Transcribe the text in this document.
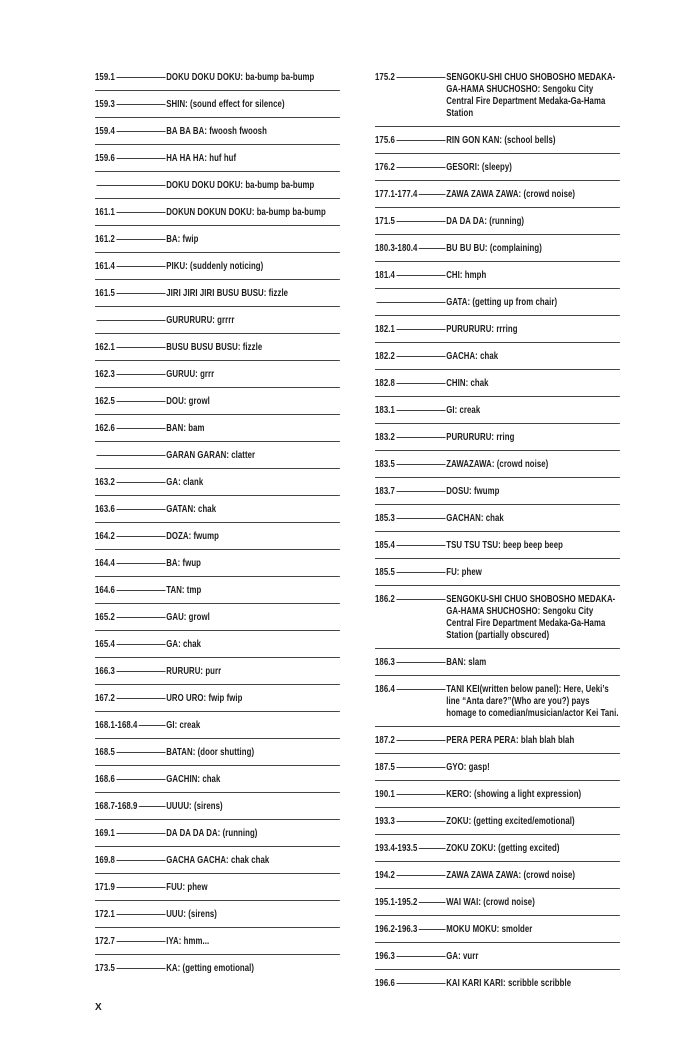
159.1	DOKU DOKU DOKU: ba-bump ba-bump
159.3	SHIN: (sound effect for silence)
159.4	BA BA BA: fwoosh fwoosh
159.6	HA HA HA: huf huf
DOKU DOKU DOKU: ba-bump ba-bump
161.1	DOKUN DOKUN DOKU: ba-bump ba-bump
161.2	BA: fwip
161.4	PIKU: (suddenly noticing)
161.5	JIRI JIRI JIRI BUSU BUSU: fizzle
GURURURU: grrrr
162.1	BUSU BUSU BUSU: fizzle
162.3	GURUU: grrr
162.5	DOU: growl
162.6	BAN: bam
GARAN GARAN: clatter
163.2	GA: clank
163.6	GATAN: chak
164.2	DOZA: fwump
164.4	BA: fwup
164.6	TAN: tmp
165.2	GAU: growl
165.4	GA: chak
166.3	RURURU: purr
167.2	URO URO: fwip fwip
168.1-168.4	GI: creak
168.5	BATAN: (door shutting)
168.6	GACHIN: chak
168.7-168.9	UUUU: (sirens)
169.1	DA DA DA DA: (running)
169.8	GACHA GACHA: chak chak
171.9	FUU: phew
172.1	UUU: (sirens)
172.7	IYA: hmm...
173.5	KA: (getting emotional)
175.2	SENGOKU-SHI CHUO SHOBOSHO MEDAKA-GA-HAMA SHUCHOSHO: Sengoku City Central Fire Department Medaka-Ga-Hama Station
175.6	RIN GON KAN: (school bells)
176.2	GESORI: (sleepy)
177.1-177.4	ZAWA ZAWA ZAWA: (crowd noise)
171.5	DA DA DA: (running)
180.3-180.4	BU BU BU: (complaining)
181.4	CHI: hmph
GATA: (getting up from chair)
182.1	PURURURU: rrring
182.2	GACHA: chak
182.8	CHIN: chak
183.1	GI: creak
183.2	PURURURU: rring
183.5	ZAWAZAWA: (crowd noise)
183.7	DOSU: fwump
185.3	GACHAN: chak
185.4	TSU TSU TSU: beep beep beep
185.5	FU: phew
186.2	SENGOKU-SHI CHUO SHOBOSHO MEDAKA-GA-HAMA SHUCHOSHO: Sengoku City Central Fire Department Medaka-Ga-Hama Station (partially obscured)
186.3	BAN: slam
186.4	TANI KEI(written below panel): Here, Ueki’s line “Anta dare?”(Who are you?) pays homage to comedian/musician/actor Kei Tani.
187.2	PERA PERA PERA: blah blah blah
187.5	GYO: gasp!
190.1	KERO: (showing a light expression)
193.3	ZOKU: (getting excited/emotional)
193.4-193.5	ZOKU ZOKU: (getting excited)
194.2	ZAWA ZAWA ZAWA: (crowd noise)
195.1-195.2	WAI WAI: (crowd noise)
196.2-196.3	MOKU MOKU: smolder
196.3	GA: vurr
196.6	KAI KARI KARI: scribble scribble
X
